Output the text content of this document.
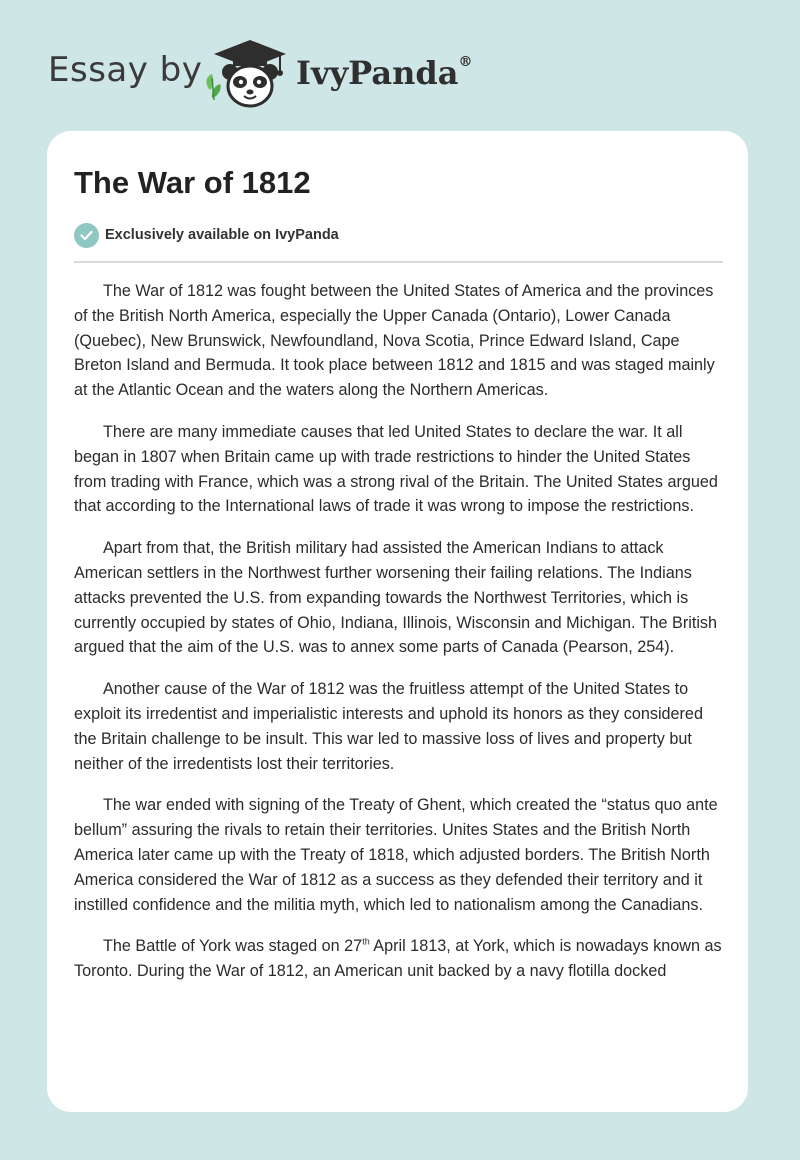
Essay by	IvyPanda®
The War of 1812
Exclusively available on IvyPanda

The War of 1812 was fought between the United States of America and the provinces of the British North America, especially the Upper Canada (Ontario), Lower Canada (Quebec), New Brunswick, Newfoundland, Nova Scotia, Prince Edward Island, Cape Breton Island and Bermuda. It took place between 1812 and 1815 and was staged mainly at the Atlantic Ocean and the waters along the Northern Americas.

There are many immediate causes that led United States to declare the war. It all began in 1807 when Britain came up with trade restrictions to hinder the United States from trading with France, which was a strong rival of the Britain. The United States argued that according to the International laws of trade it was wrong to impose the restrictions.

Apart from that, the British military had assisted the American Indians to attack American settlers in the Northwest further worsening their failing relations. The Indians attacks prevented the U.S. from expanding towards the Northwest Territories, which is currently occupied by states of Ohio, Indiana, Illinois, Wisconsin and Michigan. The British argued that the aim of the U.S. was to annex some parts of Canada (Pearson, 254).

Another cause of the War of 1812 was the fruitless attempt of the United States to exploit its irredentist and imperialistic interests and uphold its honors as they considered the Britain challenge to be insult. This war led to massive loss of lives and property but neither of the irredentists lost their territories.

The war ended with signing of the Treaty of Ghent, which created the “status quo ante bellum” assuring the rivals to retain their territories. Unites States and the British North America later came up with the Treaty of 1818, which adjusted borders. The British North America considered the War of 1812 as a success as they defended their territory and it instilled confidence and the militia myth, which led to nationalism among the Canadians.

The Battle of York was staged on 27th April 1813, at York, which is nowadays known as Toronto. During the War of 1812, an American unit backed by a navy flotilla docked
